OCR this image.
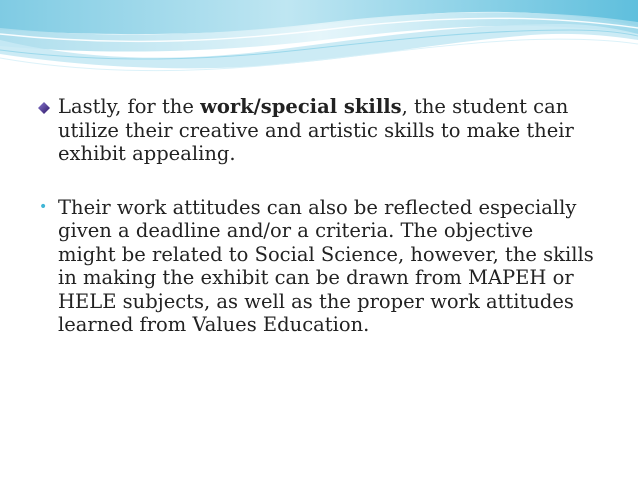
Lastly, for the work/special skills, the student can utilize their creative and artistic skills to make their exhibit appealing.

• Their work attitudes can also be reflected especially given a deadline and/or a criteria. The objective might be related to Social Science, however, the skills in making the exhibit can be drawn from MAPEH or HELE subjects, as well as the proper work attitudes learned from Values Education.
